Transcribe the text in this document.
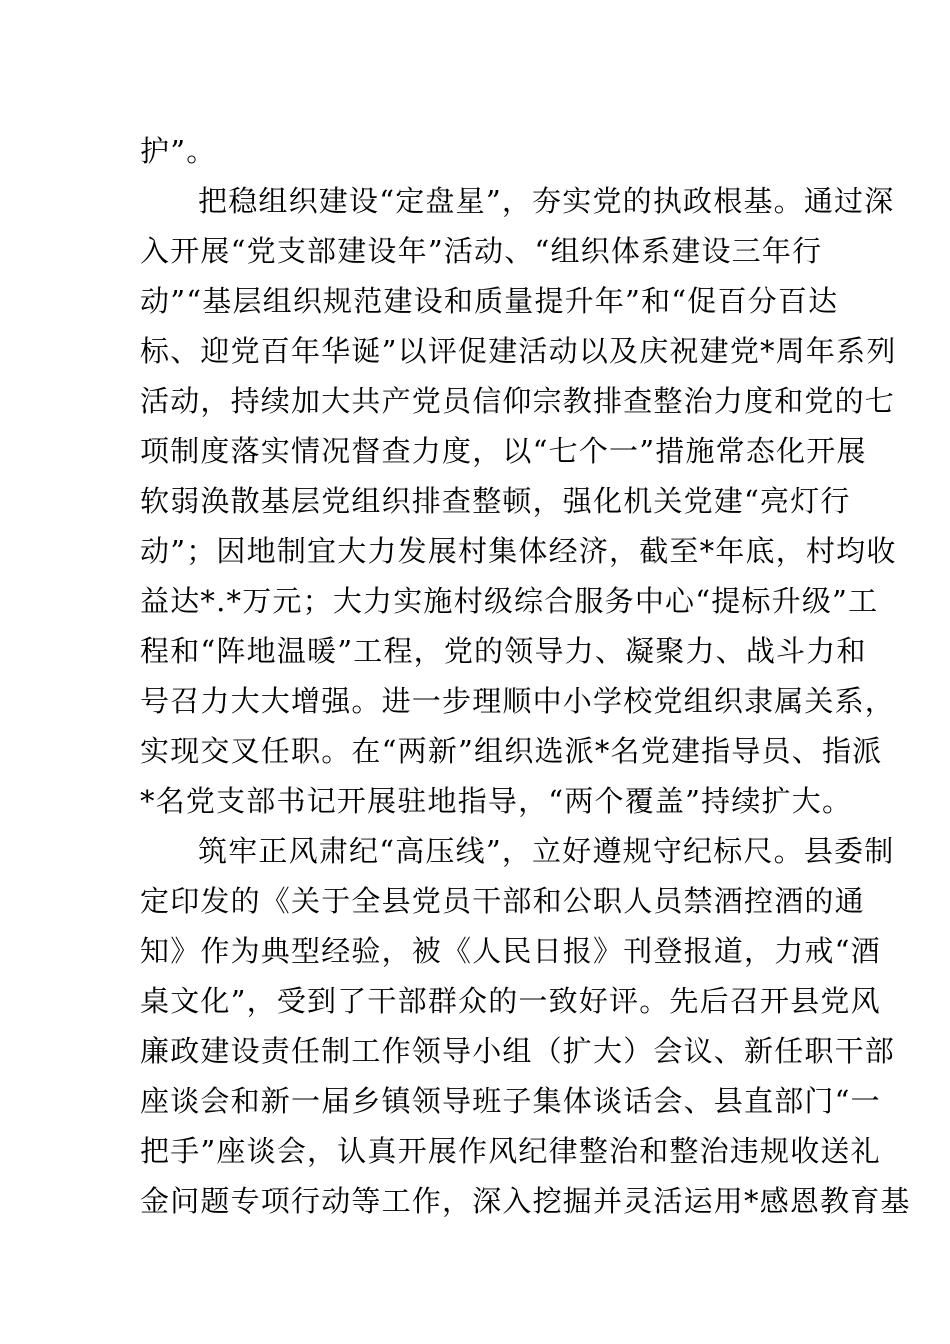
护”。
把稳组织建设“定盘星”，夯实党的执政根基。通过深
入开展“党支部建设年”活动、“组织体系建设三年行
动”“基层组织规范建设和质量提升年”和“促百分百达
标、迎党百年华诞”以评促建活动以及庆祝建党*周年系列
活动，持续加大共产党员信仰宗教排查整治力度和党的七
项制度落实情况督查力度，以“七个一”措施常态化开展
软弱涣散基层党组织排查整顿，强化机关党建“亮灯行
动”；因地制宜大力发展村集体经济，截至*年底，村均收
益达*.*万元；大力实施村级综合服务中心“提标升级”工
程和“阵地温暖”工程，党的领导力、凝聚力、战斗力和
号召力大大增强。进一步理顺中小学校党组织隶属关系，
实现交叉任职。在“两新”组织选派*名党建指导员、指派
*名党支部书记开展驻地指导，“两个覆盖”持续扩大。
筑牢正风肃纪“高压线”，立好遵规守纪标尺。县委制
定印发的《关于全县党员干部和公职人员禁酒控酒的通
知》作为典型经验，被《人民日报》刊登报道，力戒“酒
桌文化”，受到了干部群众的一致好评。先后召开县党风
廉政建设责任制工作领导小组（扩大）会议、新任职干部
座谈会和新一届乡镇领导班子集体谈话会、县直部门“一
把手”座谈会，认真开展作风纪律整治和整治违规收送礼
金问题专项行动等工作，深入挖掘并灵活运用*感恩教育基
